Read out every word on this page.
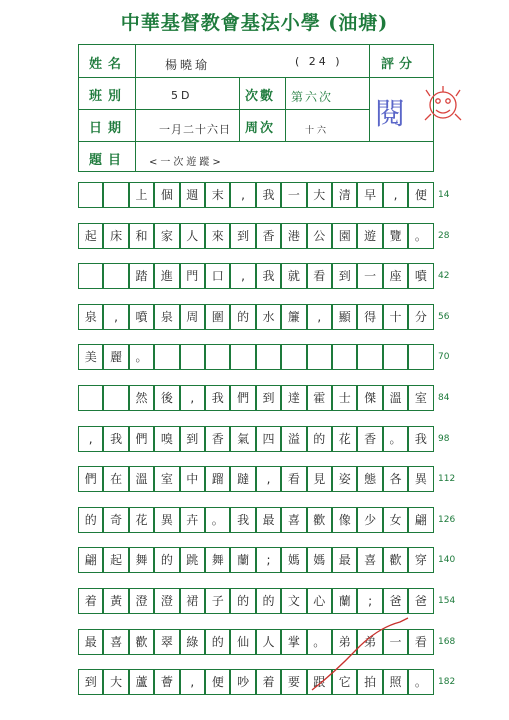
中華基督教會基法小學 (油塘)
姓名	楊曉瑜	( 24 )	評分
班別	5D	次數 第六次
日期	一月二十六日 周次	十六
題目 <一次遊蹤>
閱
上	個	週	末	,	我	一	大	清	早	,	便	14
起	床	和	家	人	來	到	香	港	公	園	遊	覽	。	28
踏	進	門	口	,	我	就	看	到	一	座	噴	42
泉	,	噴	泉	周	圍	的	水	簾	,	顯	得	十	分	56
美	麗	。	70
然	後	,	我	們	到	達	霍	士	傑	溫	室	84
,	我	們	嗅	到	香	氣	四	溢	的	花	香	。	我	98
們	在	溫	室	中	蹓	躂	,	看	見	姿	態	各	異	112
的	奇	花	異	卉	。	我	最	喜	歡	像	少	女	翩	126
翩	起	舞	的	跳	舞	蘭	;	媽	媽	最	喜	歡	穿	140
着	黃	澄	澄	裙	子	的	的	文	心	蘭	;	爸	爸	154
最	喜	歡	翠	綠	的	仙	人	掌	。	弟	弟	一	看	168
到	大	蘆	薈	,	便	吵	着	要	跟	它	拍	照	。	182
